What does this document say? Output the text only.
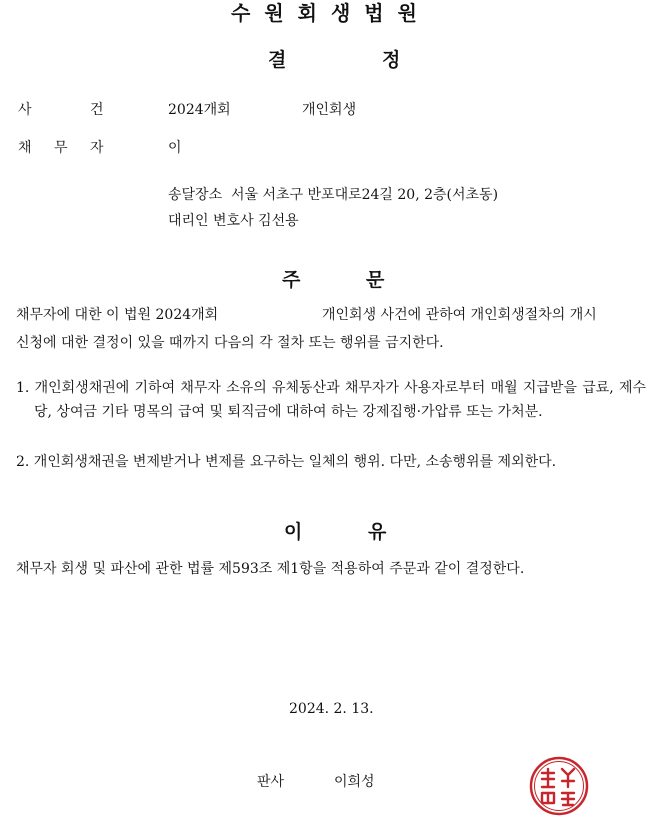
수원회생법원
결	정
사	건	2024개회	개인회생
채 무 자	이
송달장소  서울 서초구 반포대로24길 20, 2층(서초동)
대리인 변호사 김선용
주	문
채무자에 대한 이 법원 2024개회	개인회생 사건에 관하여 개인회생절차의 개시
신청에 대한 결정이 있을 때까지 다음의 각 절차 또는 행위를 금지한다.
1. 개인회생채권에 기하여 채무자 소유의 유체동산과 채무자가 사용자로부터 매월 지급받을 급료, 제수당, 상여금 기타 명목의 급여 및 퇴직금에 대하여 하는 강제집행·가압류 또는 가처분.
2. 개인회생채권을 변제받거나 변제를 요구하는 일체의 행위. 다만, 소송행위를 제외한다.
이	유
채무자 회생 및 파산에 관한 법률 제593조 제1항을 적용하여 주문과 같이 결정한다.
2024. 2. 13.
판사	이희성
